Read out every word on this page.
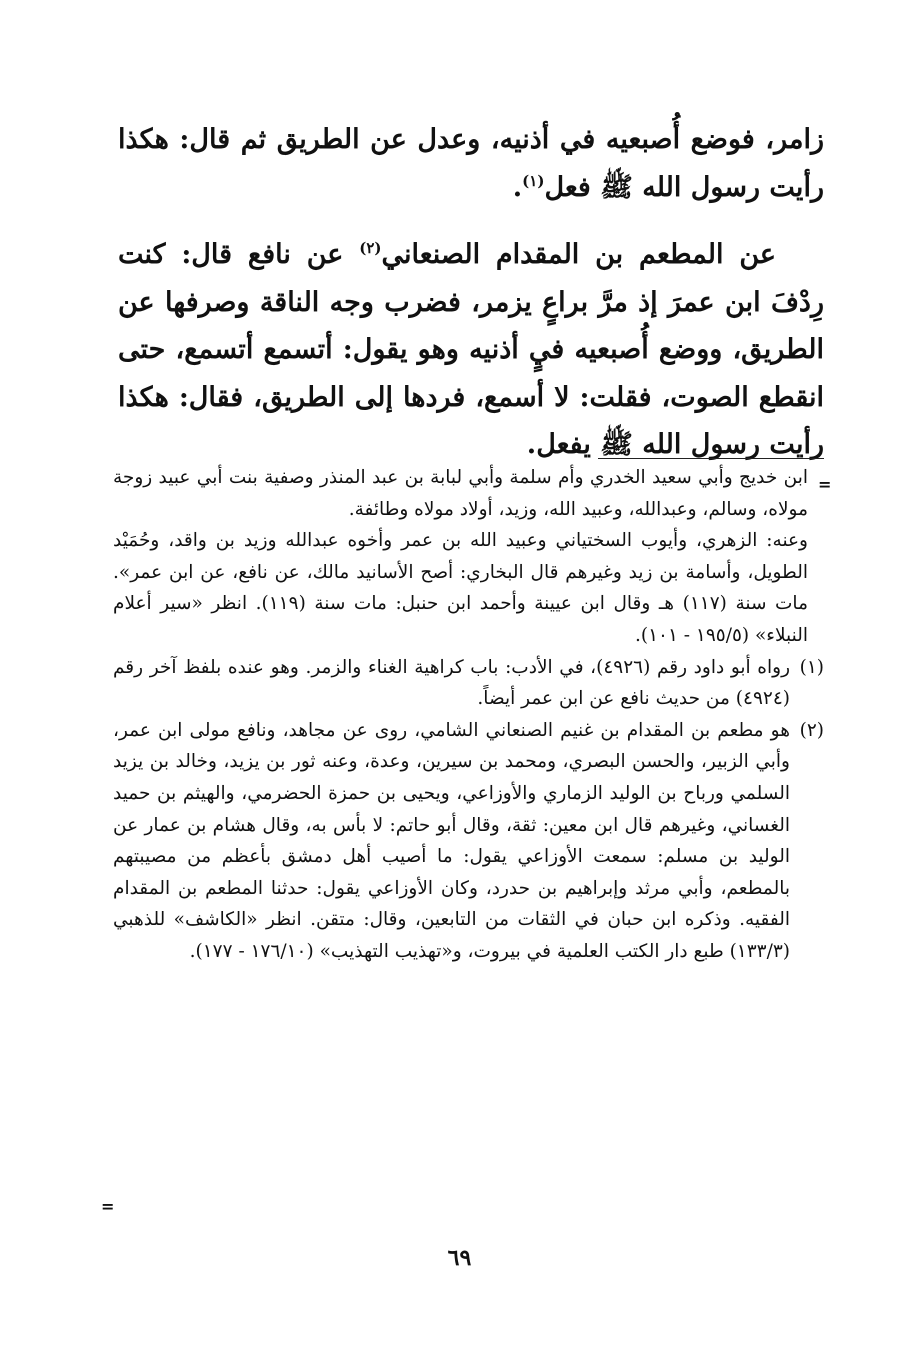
زامر، فوضع أُصبعيه في أذنيه، وعدل عن الطريق ثم قال: هكذا رأيت رسول الله ﷺ فعل$^{(١)}$.

عن المطعم بن المقدام الصنعاني$^{(٢)}$ عن نافع قال: كنت رِدْفَ ابن عمرَ إذ مرَّ براعٍ يزمر، فضرب وجه الناقة وصرفها عن الطريق، ووضع أُصبعيه فيٍ أذنيه وهو يقول: أتسمع أتسمع، حتى انقطع الصوت، فقلت: لا أسمع، فردها إلى الطريق، فقال: هكذا رأيت رسول الله ﷺ يفعل.

=

ابن خديج وأبي سعيد الخدري وأم سلمة وأبي لبابة بن عبد المنذر وصفية بنت أبي عبيد زوجة مولاه، وسالم، وعبدالله، وعبيد الله، وزيد، أولاد مولاه وطائفة.

وعنه: الزهري، وأيوب السختياني وعبيد الله بن عمر وأخوه عبدالله وزيد بن واقد، وحُمَيْد الطويل، وأسامة بن زيد وغيرهم قال البخاري: أصح الأسانيد مالك، عن نافع، عن ابن عمر». مات سنة (١١٧) هـ وقال ابن عيينة وأحمد ابن حنبل: مات سنة (١١٩). انظر «سير أعلام النبلاء» (١٩٥/٥ - ١٠١).

(١)
رواه أبو داود رقم (٤٩٢٦)، في الأدب: باب كراهية الغناء والزمر. وهو عنده بلفظ آخر رقم (٤٩٢٤) من حديث نافع عن ابن عمر أيضاً.
(٢)
هو مطعم بن المقدام بن غنيم الصنعاني الشامي، روى عن مجاهد، ونافع مولى ابن عمر، وأبي الزبير، والحسن البصري، ومحمد بن سيرين، وعدة، وعنه ثور بن يزيد، وخالد بن يزيد السلمي ورباح بن الوليد الزماري والأوزاعي، ويحيى بن حمزة الحضرمي، والهيثم بن حميد الغساني، وغيرهم قال ابن معين: ثقة، وقال أبو حاتم: لا بأس به، وقال هشام بن عمار عن الوليد بن مسلم: سمعت الأوزاعي يقول: ما أصيب أهل دمشق بأعظم من مصيبتهم بالمطعم، وأبي مرثد وإبراهيم بن حدرد، وكان الأوزاعي يقول: حدثنا المطعم بن المقدام الفقيه. وذكره ابن حبان في الثقات من التابعين، وقال: متقن. انظر «الكاشف» للذهبي (١٣٣/٣) طبع دار الكتب العلمية في بيروت، و«تهذيب التهذيب» (١٧٦/١٠ - ١٧٧).
=
٦٩
